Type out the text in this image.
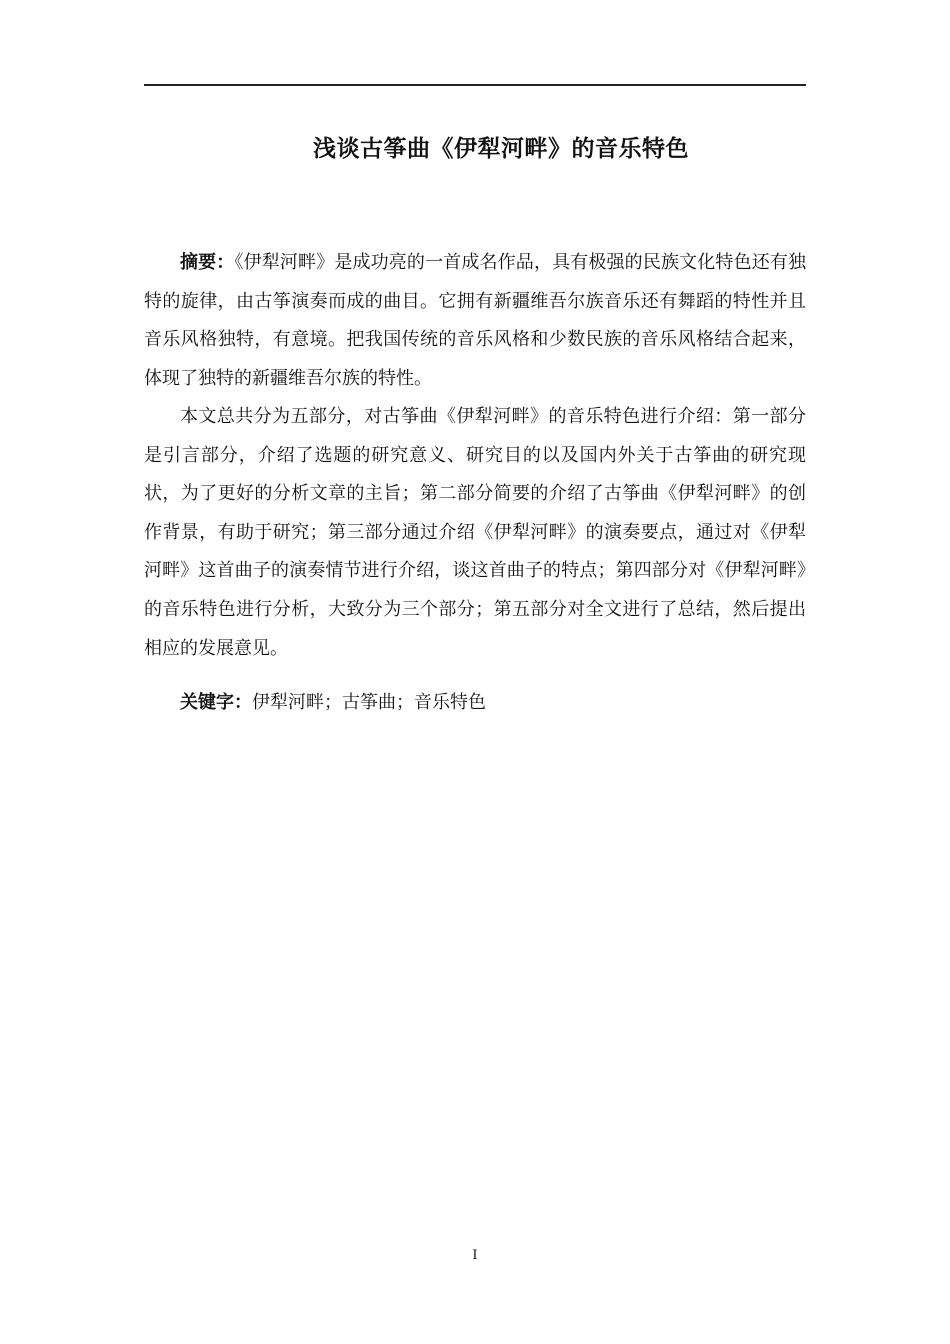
浅谈古筝曲《伊犁河畔》的音乐特色

摘要：《伊犁河畔》是成功亮的一首成名作品，具有极强的民族文化特色还有独特的旋律，由古筝演奏而成的曲目。它拥有新疆维吾尔族音乐还有舞蹈的特性并且音乐风格独特，有意境。把我国传统的音乐风格和少数民族的音乐风格结合起来，体现了独特的新疆维吾尔族的特性。

本文总共分为五部分，对古筝曲《伊犁河畔》的音乐特色进行介绍：第一部分是引言部分，介绍了选题的研究意义、研究目的以及国内外关于古筝曲的研究现状，为了更好的分析文章的主旨；第二部分简要的介绍了古筝曲《伊犁河畔》的创作背景，有助于研究；第三部分通过介绍《伊犁河畔》的演奏要点，通过对《伊犁河畔》这首曲子的演奏情节进行介绍，谈这首曲子的特点；第四部分对《伊犁河畔》的音乐特色进行分析，大致分为三个部分；第五部分对全文进行了总结，然后提出相应的发展意见。

关键字：伊犁河畔；古筝曲；音乐特色

I
